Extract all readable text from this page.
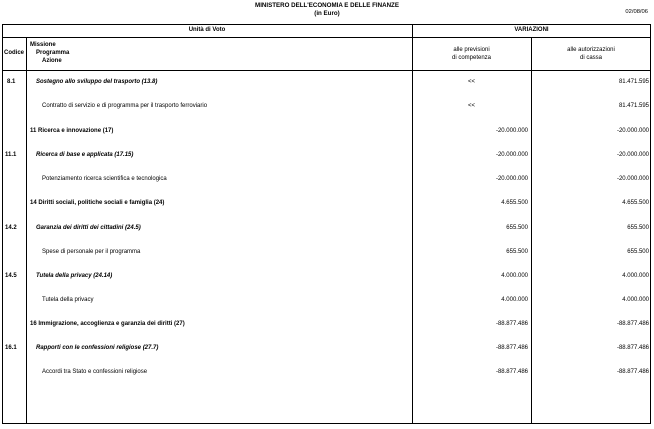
MINISTERO DELL'ECONOMIA E DELLE FINANZE
(in Euro)	02/08/06
Unità di Voto	VARIAZIONI
Codice
Missione
Programma
Azione
alle previsioni
di competenza
alle autorizzazioni
di cassa
8.1	Sostegno allo sviluppo del trasporto (13.8)	<<	81.471.595
Contratto di servizio e di programma per il trasporto ferroviario	<<	81.471.595
11 Ricerca e innovazione (17)	-20.000.000	-20.000.000
11.1	Ricerca di base e applicata (17.15)	-20.000.000	-20.000.000
Potenziamento ricerca scientifica e tecnologica	-20.000.000	-20.000.000
14 Diritti sociali, politiche sociali e famiglia (24)	4.655.500	4.655.500
14.2	Garanzia dei diritti dei cittadini (24.5)	655.500	655.500
Spese di personale per il programma	655.500	655.500
14.5	Tutela della privacy (24.14)	4.000.000	4.000.000
Tutela della privacy	4.000.000	4.000.000
16 Immigrazione, accoglienza e garanzia dei diritti (27)	-88.877.486	-88.877.486
16.1	Rapporti con le confessioni religiose (27.7)	-88.877.486	-88.877.486
Accordi tra Stato e confessioni religiose	-88.877.486	-88.877.486
